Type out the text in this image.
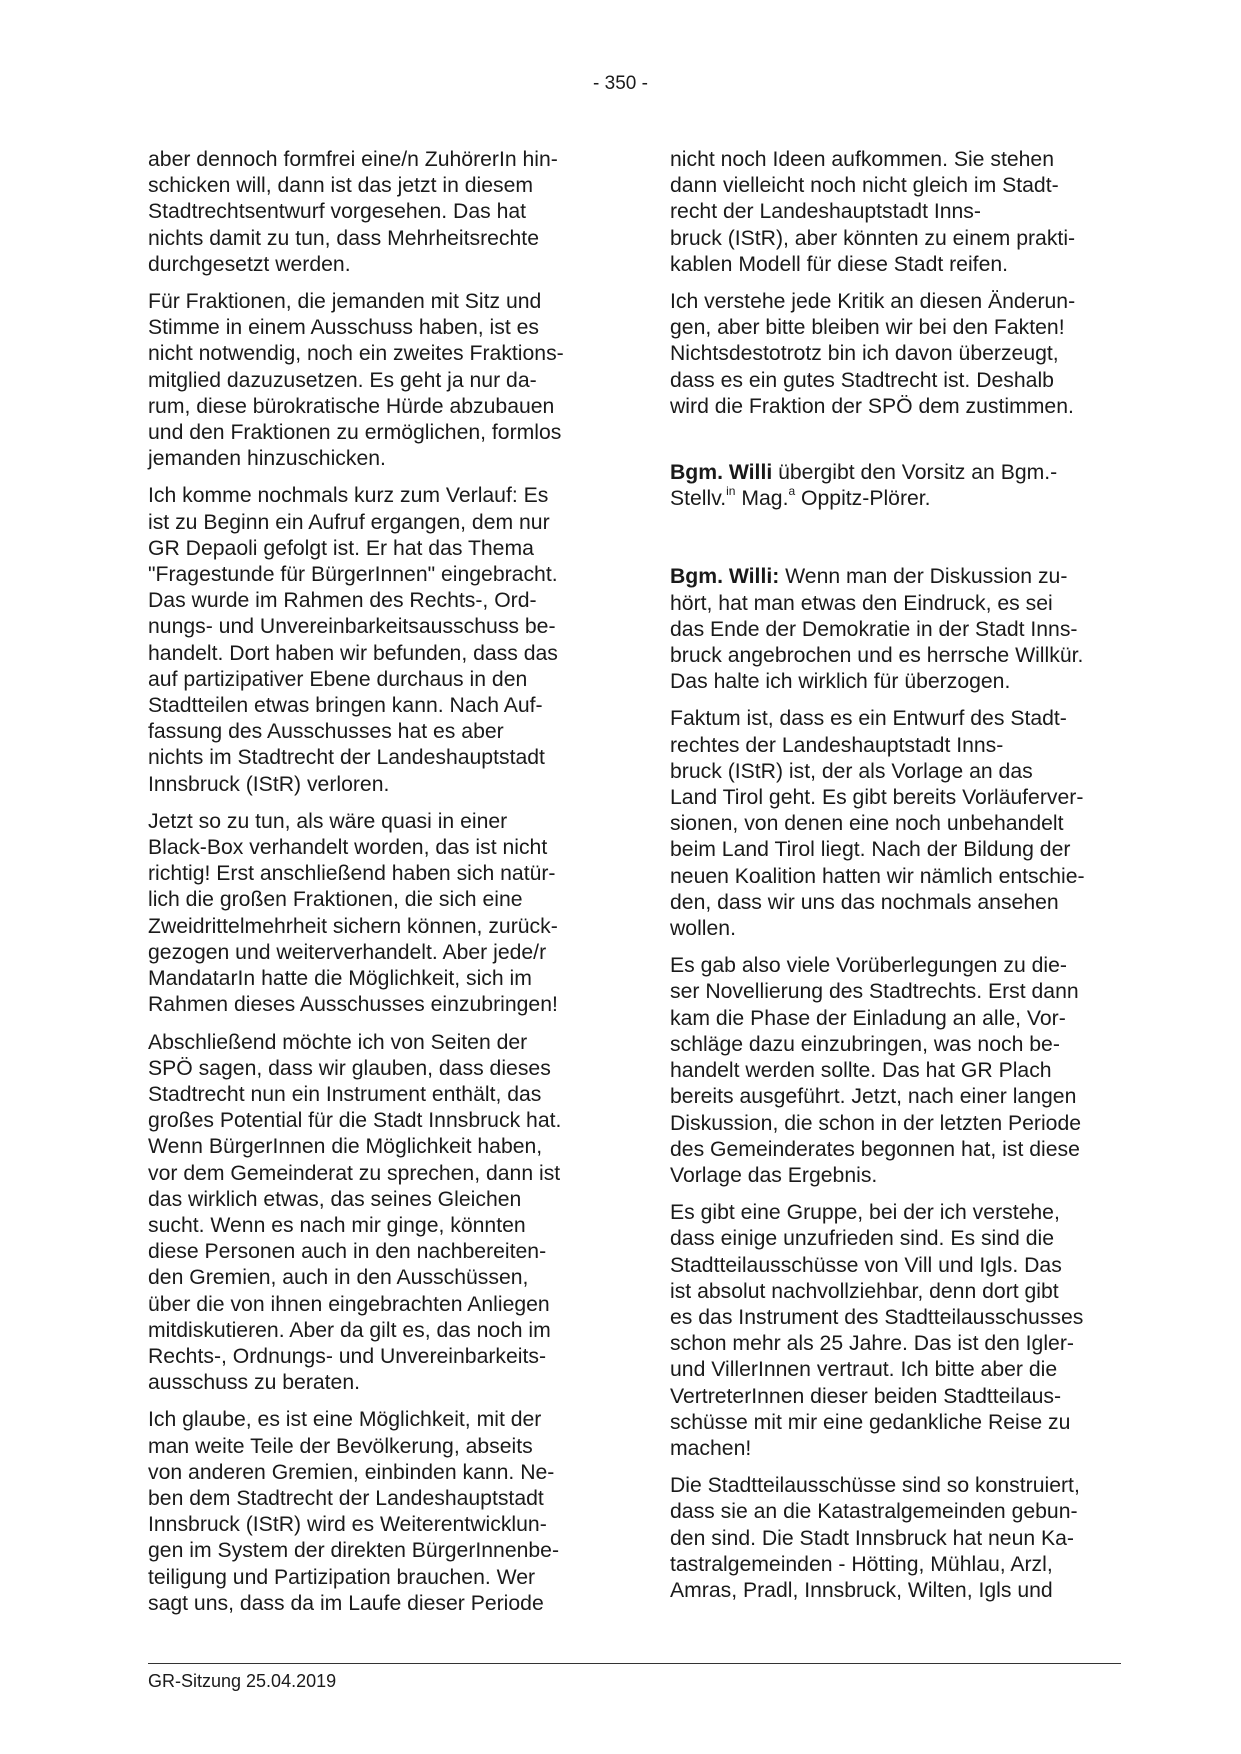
- 350 -

aber dennoch formfrei eine/n ZuhörerIn hin-
schicken will, dann ist das jetzt in diesem
Stadtrechtsentwurf vorgesehen. Das hat
nichts damit zu tun, dass Mehrheitsrechte
durchgesetzt werden.

Für Fraktionen, die jemanden mit Sitz und
Stimme in einem Ausschuss haben, ist es
nicht notwendig, noch ein zweites Fraktions-
mitglied dazuzusetzen. Es geht ja nur da-
rum, diese bürokratische Hürde abzubauen
und den Fraktionen zu ermöglichen, formlos
jemanden hinzuschicken.

Ich komme nochmals kurz zum Verlauf: Es
ist zu Beginn ein Aufruf ergangen, dem nur
GR Depaoli gefolgt ist. Er hat das Thema
"Fragestunde für BürgerInnen" eingebracht.
Das wurde im Rahmen des Rechts-, Ord-
nungs- und Unvereinbarkeitsausschuss be-
handelt. Dort haben wir befunden, dass das
auf partizipativer Ebene durchaus in den
Stadtteilen etwas bringen kann. Nach Auf-
fassung des Ausschusses hat es aber
nichts im Stadtrecht der Landeshauptstadt
Innsbruck (IStR) verloren.

Jetzt so zu tun, als wäre quasi in einer
Black-Box verhandelt worden, das ist nicht
richtig! Erst anschließend haben sich natür-
lich die großen Fraktionen, die sich eine
Zweidrittelmehrheit sichern können, zurück-
gezogen und weiterverhandelt. Aber jede/r
MandatarIn hatte die Möglichkeit, sich im
Rahmen dieses Ausschusses einzubringen!

Abschließend möchte ich von Seiten der
SPÖ sagen, dass wir glauben, dass dieses
Stadtrecht nun ein Instrument enthält, das
großes Potential für die Stadt Innsbruck hat.
Wenn BürgerInnen die Möglichkeit haben,
vor dem Gemeinderat zu sprechen, dann ist
das wirklich etwas, das seines Gleichen
sucht. Wenn es nach mir ginge, könnten
diese Personen auch in den nachbereiten-
den Gremien, auch in den Ausschüssen,
über die von ihnen eingebrachten Anliegen
mitdiskutieren. Aber da gilt es, das noch im
Rechts-, Ordnungs- und Unvereinbarkeits-
ausschuss zu beraten.

Ich glaube, es ist eine Möglichkeit, mit der
man weite Teile der Bevölkerung, abseits
von anderen Gremien, einbinden kann. Ne-
ben dem Stadtrecht der Landeshauptstadt
Innsbruck (IStR) wird es Weiterentwicklun-
gen im System der direkten BürgerInnenbe-
teiligung und Partizipation brauchen. Wer
sagt uns, dass da im Laufe dieser Periode

nicht noch Ideen aufkommen. Sie stehen
dann vielleicht noch nicht gleich im Stadt-
recht der Landeshauptstadt Inns-
bruck (IStR), aber könnten zu einem prakti-
kablen Modell für diese Stadt reifen.

Ich verstehe jede Kritik an diesen Änderun-
gen, aber bitte bleiben wir bei den Fakten!
Nichtsdestotrotz bin ich davon überzeugt,
dass es ein gutes Stadtrecht ist. Deshalb
wird die Fraktion der SPÖ dem zustimmen.

Bgm. Willi übergibt den Vorsitz an Bgm.-
Stellv.$^{in}$ Mag.$^a$ Oppitz-Plörer.

Bgm. Willi: Wenn man der Diskussion zu-
hört, hat man etwas den Eindruck, es sei
das Ende der Demokratie in der Stadt Inns-
bruck angebrochen und es herrsche Willkür.
Das halte ich wirklich für überzogen.

Faktum ist, dass es ein Entwurf des Stadt-
rechtes der Landeshauptstadt Inns-
bruck (IStR) ist, der als Vorlage an das
Land Tirol geht. Es gibt bereits Vorläuferver-
sionen, von denen eine noch unbehandelt
beim Land Tirol liegt. Nach der Bildung der
neuen Koalition hatten wir nämlich entschie-
den, dass wir uns das nochmals ansehen
wollen.

Es gab also viele Vorüberlegungen zu die-
ser Novellierung des Stadtrechts. Erst dann
kam die Phase der Einladung an alle, Vor-
schläge dazu einzubringen, was noch be-
handelt werden sollte. Das hat GR Plach
bereits ausgeführt. Jetzt, nach einer langen
Diskussion, die schon in der letzten Periode
des Gemeinderates begonnen hat, ist diese
Vorlage das Ergebnis.

Es gibt eine Gruppe, bei der ich verstehe,
dass einige unzufrieden sind. Es sind die
Stadtteilausschüsse von Vill und Igls. Das
ist absolut nachvollziehbar, denn dort gibt
es das Instrument des Stadtteilausschusses
schon mehr als 25 Jahre. Das ist den Igler-
und VillerInnen vertraut. Ich bitte aber die
VertreterInnen dieser beiden Stadtteilaus-
schüsse mit mir eine gedankliche Reise zu
machen!

Die Stadtteilausschüsse sind so konstruiert,
dass sie an die Katastralgemeinden gebun-
den sind. Die Stadt Innsbruck hat neun Ka-
tastralgemeinden - Hötting, Mühlau, Arzl,
Amras, Pradl, Innsbruck, Wilten, Igls und

GR-Sitzung 25.04.2019
